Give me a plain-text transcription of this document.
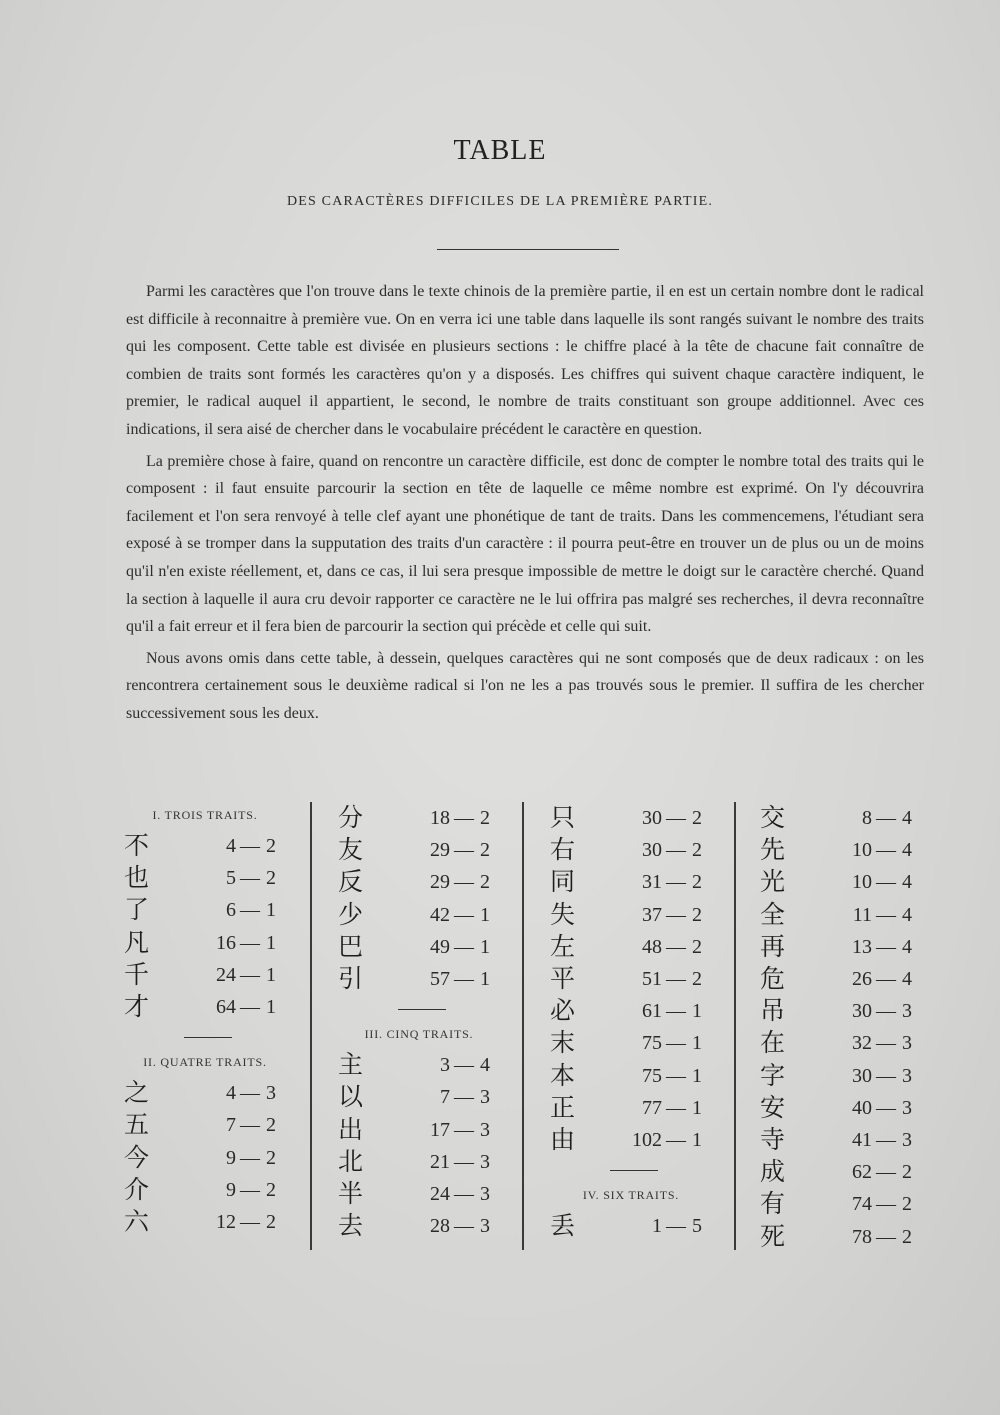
TABLE
DES CARACTÈRES DIFFICILES DE LA PREMIÈRE PARTIE.

Parmi les caractères que l'on trouve dans le texte chinois de la première partie, il en est un certain nombre dont le radical est difficile à reconnaitre à première vue. On en verra ici une table dans laquelle ils sont rangés suivant le nombre des traits qui les composent. Cette table est divisée en plusieurs sections : le chiffre placé à la tête de chacune fait connaître de combien de traits sont formés les caractères qu'on y a disposés. Les chiffres qui suivent chaque caractère indiquent, le premier, le radical auquel il appartient, le second, le nombre de traits constituant son groupe additionnel. Avec ces indications, il sera aisé de chercher dans le vocabulaire précédent le caractère en question.

La première chose à faire, quand on rencontre un caractère difficile, est donc de compter le nombre total des traits qui le composent : il faut ensuite parcourir la section en tête de laquelle ce même nombre est exprimé. On l'y découvrira facilement et l'on sera renvoyé à telle clef ayant une phonétique de tant de traits. Dans les commencemens, l'étudiant sera exposé à se tromper dans la supputation des traits d'un caractère : il pourra peut-être en trouver un de plus ou un de moins qu'il n'en existe réellement, et, dans ce cas, il lui sera presque impossible de mettre le doigt sur le caractère cherché. Quand la section à laquelle il aura cru devoir rapporter ce caractère ne le lui offrira pas malgré ses recherches, il devra reconnaître qu'il a fait erreur et il fera bien de parcourir la section qui précède et celle qui suit.

Nous avons omis dans cette table, à dessein, quelques caractères qui ne sont composés que de deux radicaux : on les rencontrera certainement sous le deuxième radical si l'on ne les a pas trouvés sous le premier. Il suffira de les chercher successivement sous les deux.

I. TROIS TRAITS.
不	4 — 2
也	5 — 2
了	6 — 1
凡	16 — 1
千	24 — 1
才	64 — 1
II. QUATRE TRAITS.
之	4 — 3
五	7 — 2
今	9 — 2
介	9 — 2
六	12 — 2
分	18 — 2
友	29 — 2
反	29 — 2
少	42 — 1
巴	49 — 1
引	57 — 1
III. CINQ TRAITS.
主	3 — 4
以	7 — 3
出	17 — 3
北	21 — 3
半	24 — 3
去	28 — 3
只	30 — 2
右	30 — 2
同	31 — 2
失	37 — 2
左	48 — 2
平	51 — 2
必	61 — 1
末	75 — 1
本	75 — 1
正	77 — 1
由	102 — 1
IV. SIX TRAITS.
丢	1 — 5
交	8 — 4
先	10 — 4
光	10 — 4
全	11 — 4
再	13 — 4
危	26 — 4
吊	30 — 3
在	32 — 3
字	30 — 3
安	40 — 3
寺	41 — 3
成	62 — 2
有	74 — 2
死	78 — 2
